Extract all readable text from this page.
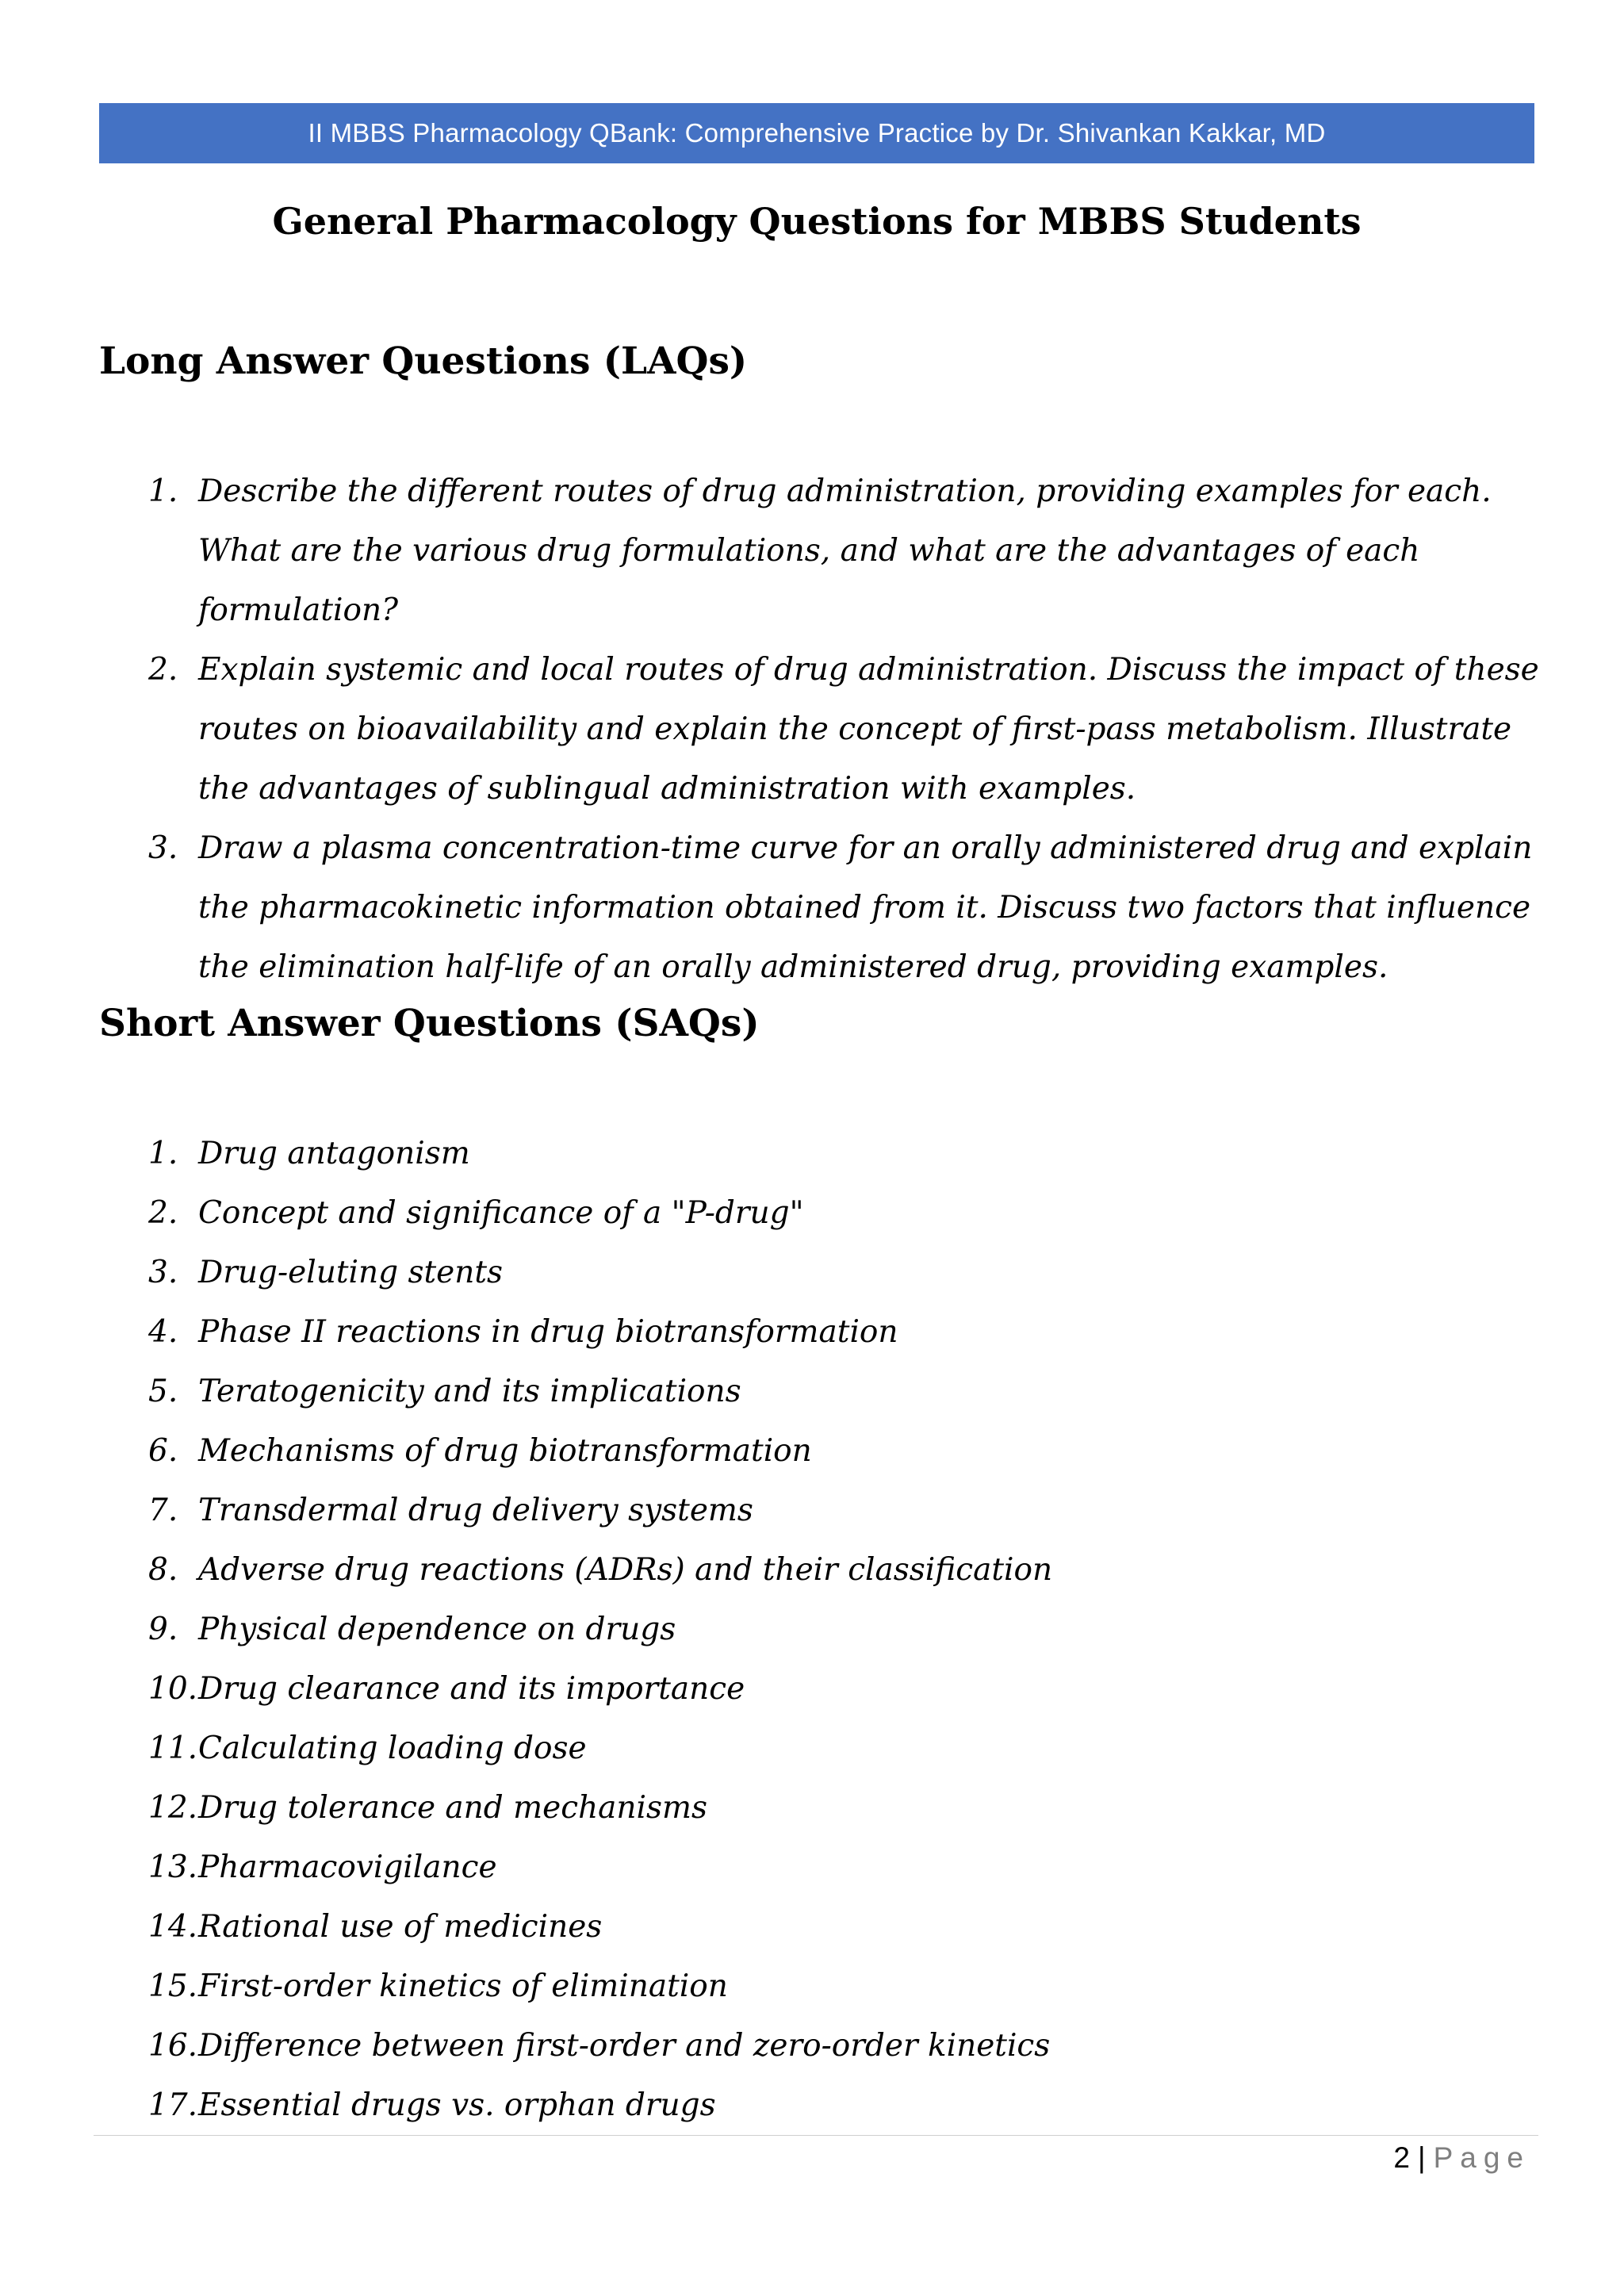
II MBBS Pharmacology QBank: Comprehensive Practice by Dr. Shivankan Kakkar, MD
General Pharmacology Questions for MBBS Students
Long Answer Questions (LAQs)
1. Describe the different routes of drug administration, providing examples for each. What are the various drug formulations, and what are the advantages of each formulation?
2. Explain systemic and local routes of drug administration. Discuss the impact of these routes on bioavailability and explain the concept of first-pass metabolism. Illustrate the advantages of sublingual administration with examples.
3. Draw a plasma concentration-time curve for an orally administered drug and explain the pharmacokinetic information obtained from it. Discuss two factors that influence the elimination half-life of an orally administered drug, providing examples.
Short Answer Questions (SAQs)
1. Drug antagonism
2. Concept and significance of a "P-drug"
3. Drug-eluting stents
4. Phase II reactions in drug biotransformation
5. Teratogenicity and its implications
6. Mechanisms of drug biotransformation
7. Transdermal drug delivery systems
8. Adverse drug reactions (ADRs) and their classification
9. Physical dependence on drugs
10. Drug clearance and its importance
11. Calculating loading dose
12. Drug tolerance and mechanisms
13. Pharmacovigilance
14. Rational use of medicines
15. First-order kinetics of elimination
16. Difference between first-order and zero-order kinetics
17. Essential drugs vs. orphan drugs
2 | Page
